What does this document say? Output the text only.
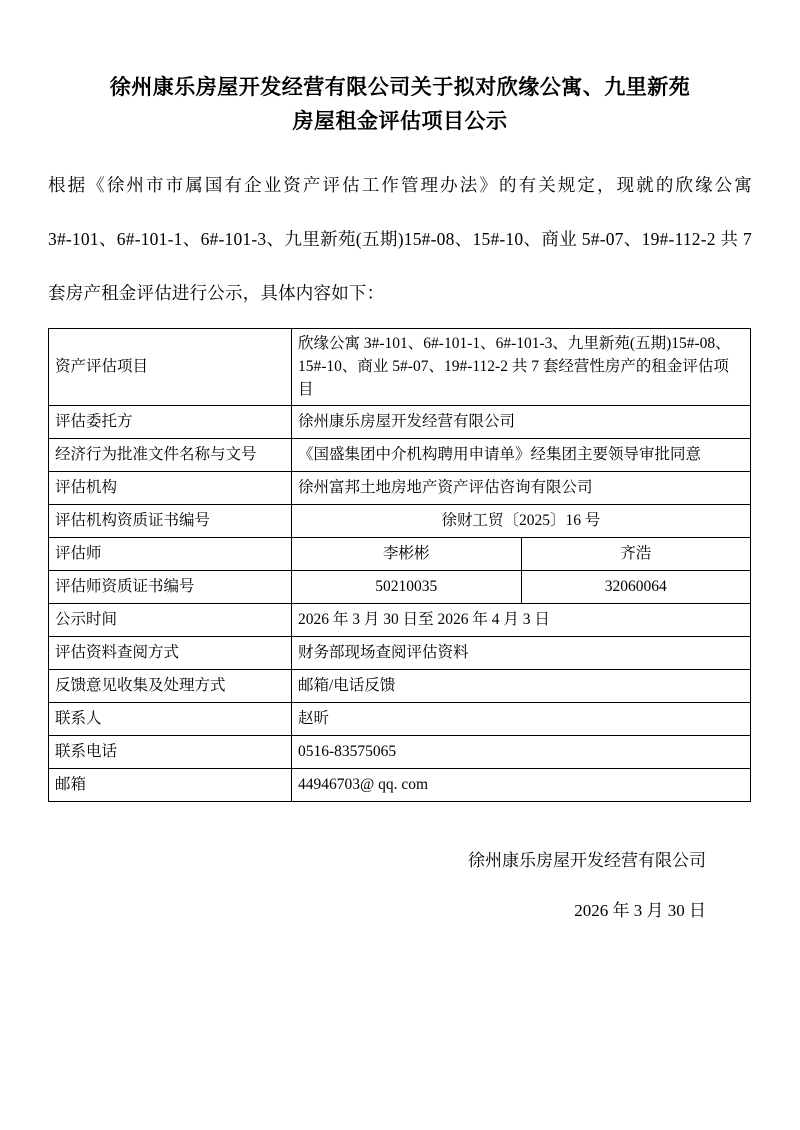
徐州康乐房屋开发经营有限公司关于拟对欣缘公寓、九里新苑
房屋租金评估项目公示

根据《徐州市市属国有企业资产评估工作管理办法》的有关规定，现就的欣缘公寓 3#-101、6#-101-1、6#-101-3、九里新苑(五期)15#-08、15#-10、商业 5#-07、19#-112-2 共 7 套房产租金评估进行公示，具体内容如下：

资产评估项目	欣缘公寓 3#-101、6#-101-1、6#-101-3、九里新苑(五期)15#-08、15#-10、商业 5#-07、19#-112-2 共 7 套经营性房产的租金评估项目	
评估委托方	徐州康乐房屋开发经营有限公司	
经济行为批准文件名称与文号	《国盛集团中介机构聘用申请单》经集团主要领导审批同意	
评估机构	徐州富邦土地房地产资产评估咨询有限公司	
评估机构资质证书编号	徐财工贸〔2025〕16 号	
评估师	李彬彬	齐浩
评估师资质证书编号	50210035	32060064
公示时间	2026 年 3 月 30 日至 2026 年 4 月 3 日	
评估资料查阅方式	财务部现场查阅评估资料	
反馈意见收集及处理方式	邮箱/电话反馈	
联系人	赵昕	
联系电话	0516-83575065	
邮箱	44946703@ qq. com	
徐州康乐房屋开发经营有限公司
2026 年 3 月 30 日
